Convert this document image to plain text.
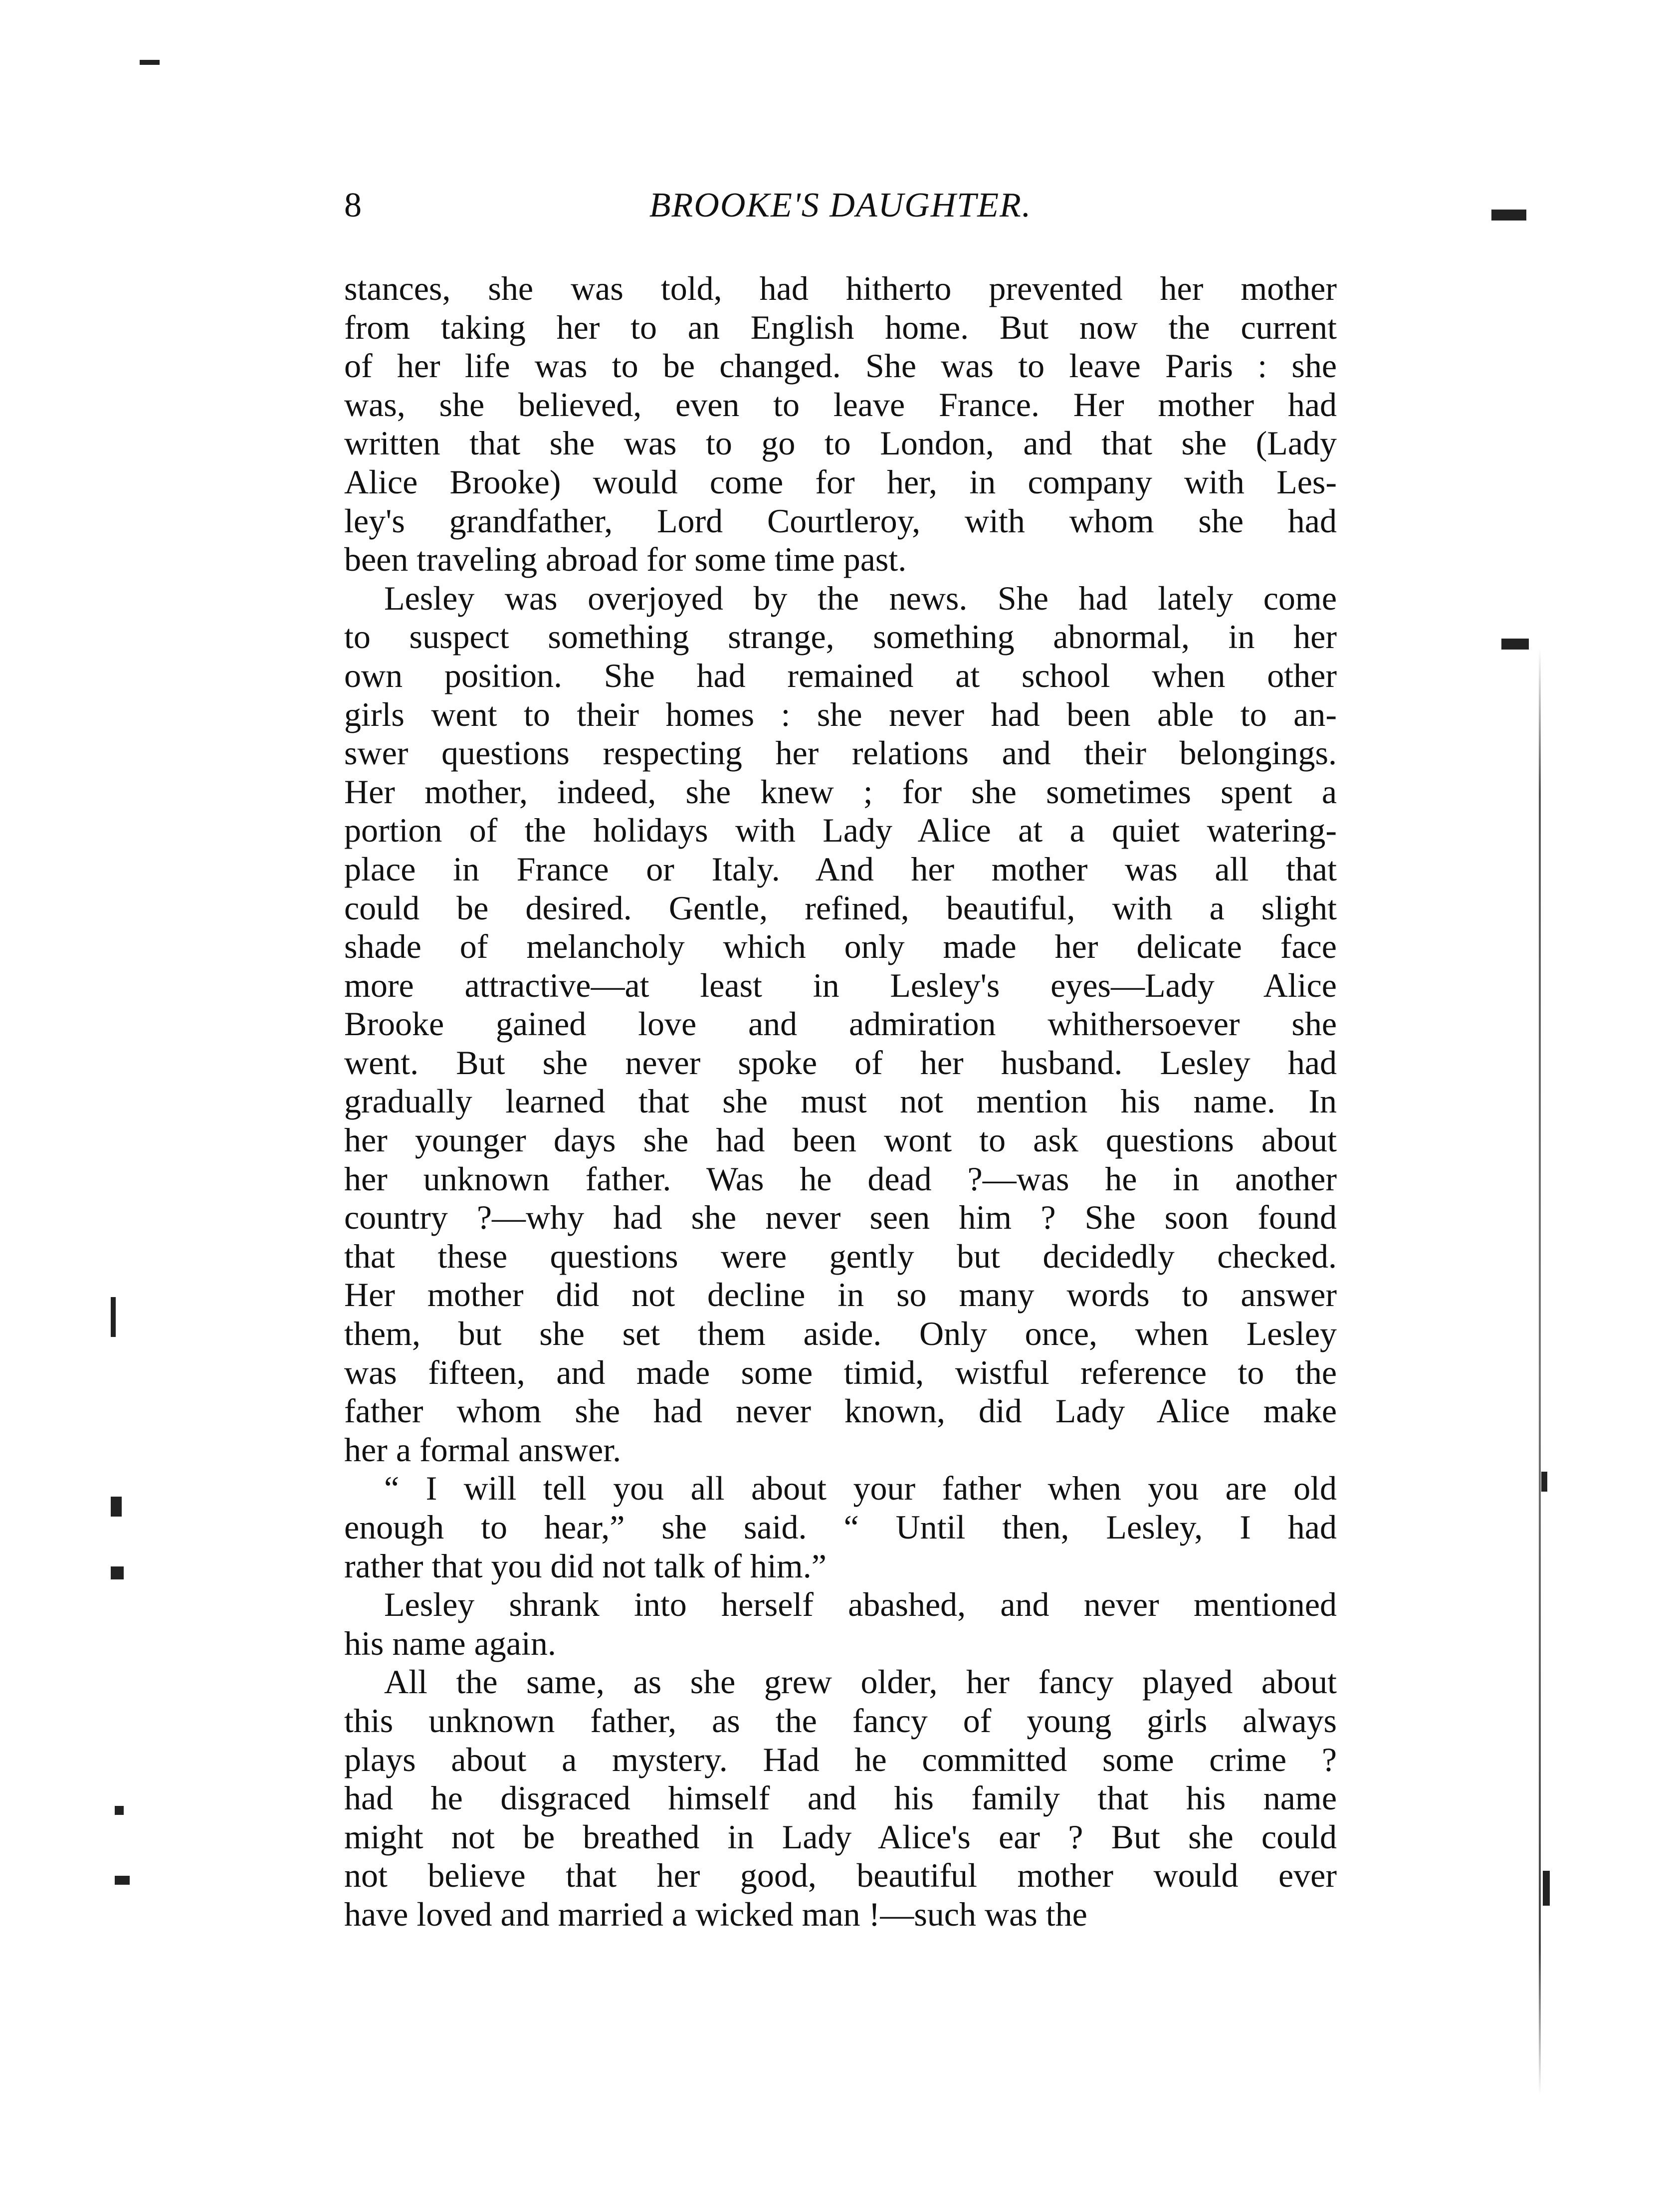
8	BROOKE'S DAUGHTER.
stances, she was told, had hitherto prevented her mother
from taking her to an English home. But now the current
of her life was to be changed. She was to leave Paris : she
was, she believed, even to leave France. Her mother had
written that she was to go to London, and that she (Lady
Alice Brooke) would come for her, in company with Les-
ley's grandfather, Lord Courtleroy, with whom she had
been traveling abroad for some time past.
Lesley was overjoyed by the news. She had lately come
to suspect something strange, something abnormal, in her
own position. She had remained at school when other
girls went to their homes : she never had been able to an-
swer questions respecting her relations and their belongings.
Her mother, indeed, she knew ; for she sometimes spent a
portion of the holidays with Lady Alice at a quiet watering-
place in France or Italy. And her mother was all that
could be desired. Gentle, refined, beautiful, with a slight
shade of melancholy which only made her delicate face
more attractive—at least in Lesley's eyes—Lady Alice
Brooke gained love and admiration whithersoever she
went. But she never spoke of her husband. Lesley had
gradually learned that she must not mention his name. In
her younger days she had been wont to ask questions about
her unknown father. Was he dead ?—was he in another
country ?—why had she never seen him ? She soon found
that these questions were gently but decidedly checked.
Her mother did not decline in so many words to answer
them, but she set them aside. Only once, when Lesley
was fifteen, and made some timid, wistful reference to the
father whom she had never known, did Lady Alice make
her a formal answer.
“ I will tell you all about your father when you are old
enough to hear,” she said. “ Until then, Lesley, I had
rather that you did not talk of him.”
Lesley shrank into herself abashed, and never mentioned
his name again.
All the same, as she grew older, her fancy played about
this unknown father, as the fancy of young girls always
plays about a mystery. Had he committed some crime ?
had he disgraced himself and his family that his name
might not be breathed in Lady Alice's ear ? But she could
not believe that her good, beautiful mother would ever
have loved and married a wicked man !—such was the
